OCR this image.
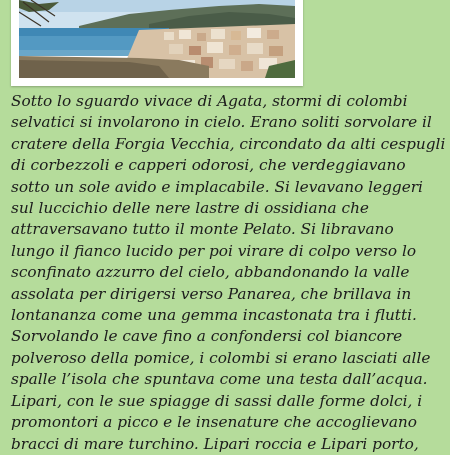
Sotto lo sguardo vivace di Agata, stormi di colombi
selvatici si involarono in cielo. Erano soliti sorvolare il
cratere della Forgia Vecchia, circondato da alti cespugli
di corbezzoli e capperi odorosi, che verdeggiavano
sotto un sole avido e implacabile. Si levavano leggeri
sul luccichio delle nere lastre di ossidiana che
attraversavano tutto il monte Pelato. Si libravano
lungo il fianco lucido per poi virare di colpo verso lo
sconfinato azzurro del cielo, abbandonando la valle
assolata per dirigersi verso Panarea, che brillava in
lontananza come una gemma incastonata tra i flutti.
Sorvolando le cave fino a confondersi col biancore
polveroso della pomice, i colombi si erano lasciati alle
spalle l’isola che spuntava come una testa dall’acqua.
Lipari, con le sue spiagge di sassi dalle forme dolci, i
promontori a picco e le insenature che accoglievano
bracci di mare turchino. Lipari roccia e Lipari porto,
